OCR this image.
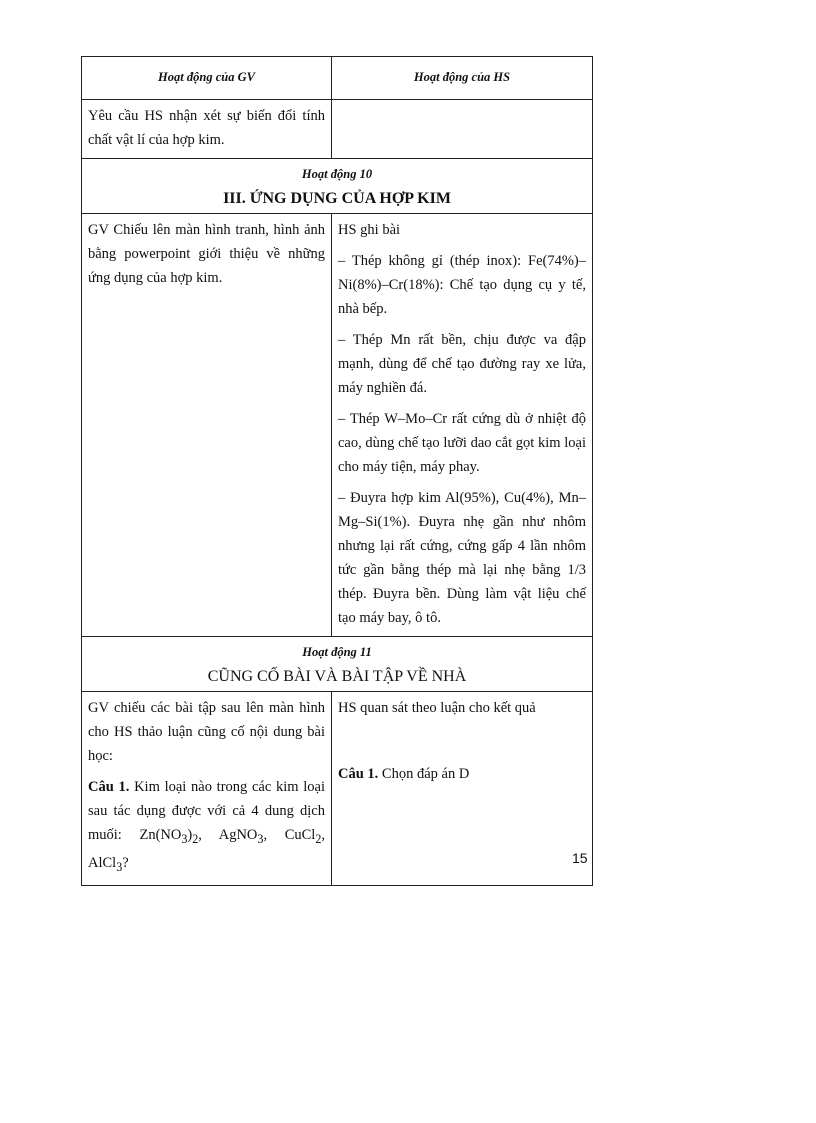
Hoạt động của GV	Hoạt động của HS
Yêu cầu HS nhận xét sự biến đổi tính chất vật lí của hợp kim.
Hoạt động 10
III. ỨNG DỤNG CỦA HỢP KIM
GV Chiếu lên màn hình tranh, hình ảnh bằng powerpoint giới thiệu về những ứng dụng của hợp kim.

HS ghi bài

– Thép không gỉ (thép inox): Fe(74%)–Ni(8%)–Cr(18%): Chế tạo dụng cụ y tế, nhà bếp.

– Thép Mn rất bền, chịu được va đập mạnh, dùng để chế tạo đường ray xe lửa, máy nghiền đá.

– Thép W–Mo–Cr rất cứng dù ở nhiệt độ cao, dùng chế tạo lưỡi dao cắt gọt kim loại cho máy tiện, máy phay.

– Đuyra hợp kim Al(95%), Cu(4%), Mn–Mg–Si(1%). Đuyra nhẹ gần như nhôm nhưng lại rất cứng, cứng gấp 4 lần nhôm tức gần bằng thép mà lại nhẹ bằng 1/3 thép. Đuyra bền. Dùng làm vật liệu chế tạo máy bay, ô tô.

Hoạt động 11
CŨNG CỐ BÀI VÀ BÀI TẬP VỀ NHÀ

GV chiếu các bài tập sau lên màn hình cho HS thảo luận cũng cố nội dung bài học:

Câu 1. Kim loại nào trong các kim loại sau tác dụng được với cả 4 dung dịch muối: $Zn(NO_3)_2$, AgNO$_3$, CuCl$_2$, AlCl$_3$?

HS quan sát theo luận cho kết quả

Câu 1. Chọn đáp án D

15
